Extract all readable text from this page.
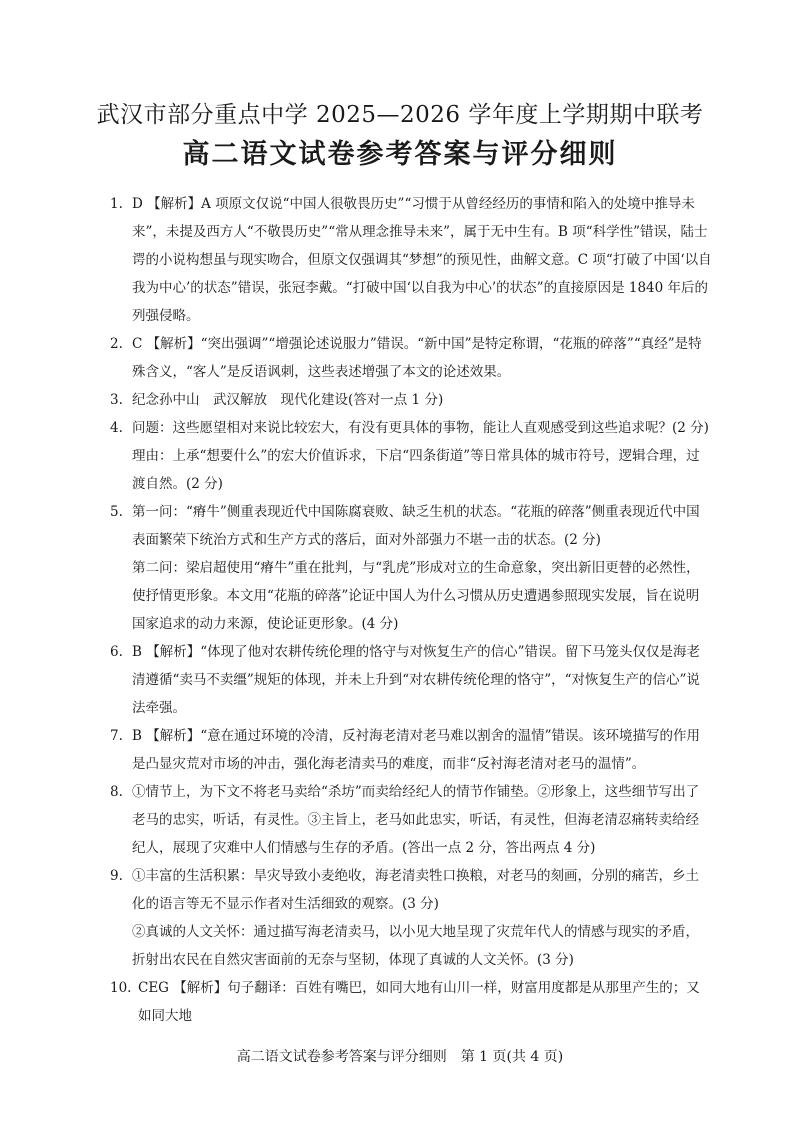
武汉市部分重点中学 2025—2026 学年度上学期期中联考
高二语文试卷参考答案与评分细则
1. D 【解析】A 项原文仅说“中国人很敬畏历史”“习惯于从曾经经历的事情和陷入的处境中推导未来”，未提及西方人“不敬畏历史”“常从理念推导未来”，属于无中生有。B 项“科学性”错误，陆士谔的小说构想虽与现实吻合，但原文仅强调其“梦想”的预见性，曲解文意。C 项“打破了中国‘以自我为中心’的状态”错误，张冠李戴。“打破中国‘以自我为中心’的状态”的直接原因是 1840 年后的列强侵略。
2. C 【解析】“突出强调”“增强论述说服力”错误。“新中国”是特定称谓，“花瓶的碎落”“真经”是特殊含义，“客人”是反语讽刺，这些表述增强了本文的论述效果。
3. 纪念孙中山　武汉解放　现代化建设(答对一点 1 分)
4. 问题：这些愿望相对来说比较宏大，有没有更具体的事物，能让人直观感受到这些追求呢？(2 分)
理由：上承“想要什么”的宏大价值诉求，下启“四条街道”等日常具体的城市符号，逻辑合理，过渡自然。(2 分)
5. 第一问：“瘠牛”侧重表现近代中国陈腐衰败、缺乏生机的状态。“花瓶的碎落”侧重表现近代中国表面繁荣下统治方式和生产方式的落后，面对外部强力不堪一击的状态。(2 分)
第二问：梁启超使用“瘠牛”重在批判，与“乳虎”形成对立的生命意象，突出新旧更替的必然性，使抒情更形象。本文用“花瓶的碎落”论证中国人为什么习惯从历史遭遇参照现实发展，旨在说明国家追求的动力来源，使论证更形象。(4 分)
6. B 【解析】“体现了他对农耕传统伦理的恪守与对恢复生产的信心”错误。留下马笼头仅仅是海老清遵循“卖马不卖缰”规矩的体现，并未上升到“对农耕传统伦理的恪守”，“对恢复生产的信心”说法牵强。
7. B 【解析】“意在通过环境的冷清，反衬海老清对老马难以割舍的温情”错误。该环境描写的作用是凸显灾荒对市场的冲击，强化海老清卖马的难度，而非“反衬海老清对老马的温情”。
8. ①情节上，为下文不将老马卖给“杀坊”而卖给经纪人的情节作铺垫。②形象上，这些细节写出了老马的忠实，听话，有灵性。③主旨上，老马如此忠实，听话，有灵性，但海老清忍痛转卖给经纪人，展现了灾难中人们情感与生存的矛盾。(答出一点 2 分，答出两点 4 分)
9. ①丰富的生活积累：旱灾导致小麦绝收，海老清卖牲口换粮，对老马的刻画，分别的痛苦，乡土化的语言等无不显示作者对生活细致的观察。(3 分)
②真诚的人文关怀：通过描写海老清卖马，以小见大地呈现了灾荒年代人的情感与现实的矛盾，折射出农民在自然灾害面前的无奈与坚韧，体现了真诚的人文关怀。(3 分)
10. CEG 【解析】句子翻译：百姓有嘴巴，如同大地有山川一样，财富用度都是从那里产生的；又如同大地
高二语文试卷参考答案与评分细则　第 1 页(共 4 页)
